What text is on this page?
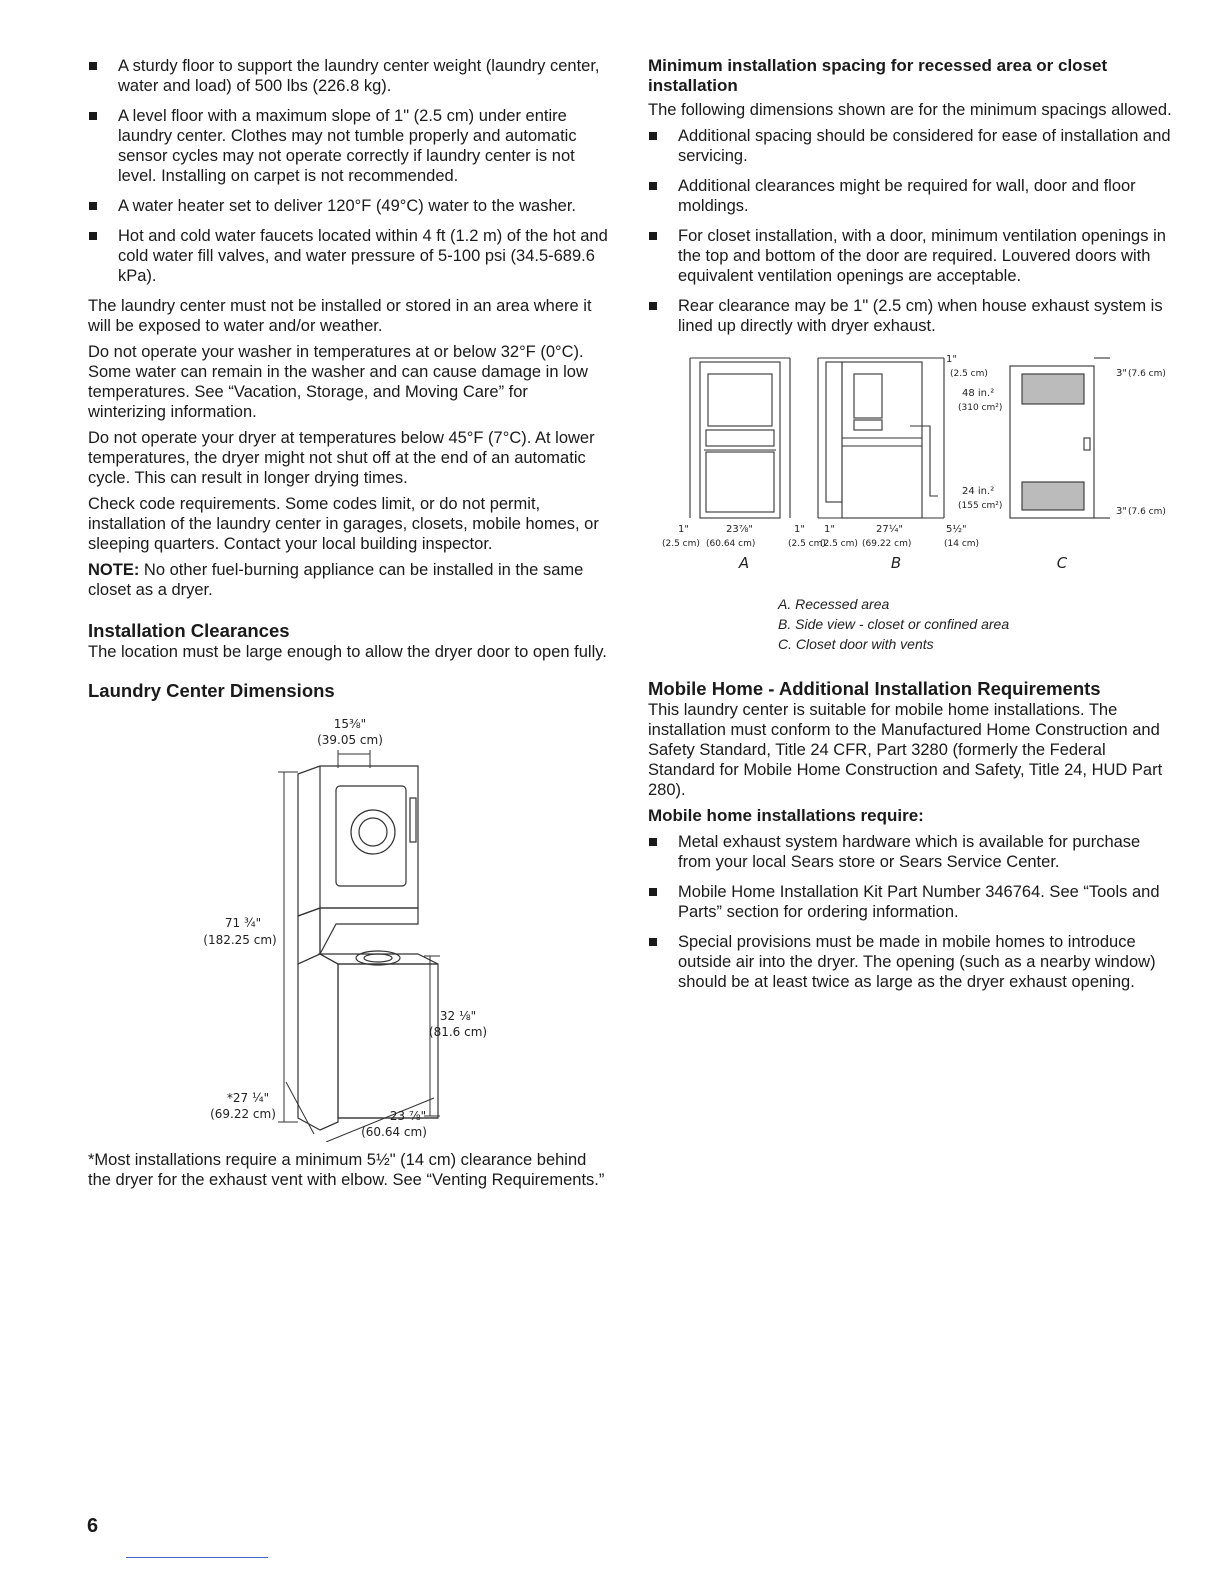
A sturdy floor to support the laundry center weight (laundry center, water and load) of 500 lbs (226.8 kg).
A level floor with a maximum slope of 1" (2.5 cm) under entire laundry center. Clothes may not tumble properly and automatic sensor cycles may not operate correctly if laundry center is not level. Installing on carpet is not recommended.
A water heater set to deliver 120°F (49°C) water to the washer.
Hot and cold water faucets located within 4 ft (1.2 m) of the hot and cold water fill valves, and water pressure of 5-100 psi (34.5-689.6 kPa).

The laundry center must not be installed or stored in an area where it will be exposed to water and/or weather.

Do not operate your washer in temperatures at or below 32°F (0°C). Some water can remain in the washer and can cause damage in low temperatures. See “Vacation, Storage, and Moving Care” for winterizing information.

Do not operate your dryer at temperatures below 45°F (7°C). At lower temperatures, the dryer might not shut off at the end of an automatic cycle. This can result in longer drying times.

Check code requirements. Some codes limit, or do not permit, installation of the laundry center in garages, closets, mobile homes, or sleeping quarters. Contact your local building inspector.

NOTE: No other fuel-burning appliance can be installed in the same closet as a dryer.

Installation Clearances

The location must be large enough to allow the dryer door to open fully.

Laundry Center Dimensions
15⅜"
(39.05 cm)
71 ¾"
(182.25 cm)
32 ⅛"
(81.6 cm)
*27 ¼"
(69.22 cm)	23 ⅞"
(60.64 cm)

*Most installations require a minimum 5½" (14 cm) clearance behind the dryer for the exhaust vent with elbow. See “Venting Requirements.”

Minimum installation spacing for recessed area or closet installation

The following dimensions shown are for the minimum spacings allowed.

Additional spacing should be considered for ease of installation and servicing.
Additional clearances might be required for wall, door and floor moldings.
For closet installation, with a door, minimum ventilation openings in the top and bottom of the door are required. Louvered doors with equivalent ventilation openings are acceptable.
Rear clearance may be 1" (2.5 cm) when house exhaust system is lined up directly with dryer exhaust.
1"
(2.5 cm)
23⅞"
(60.64 cm)
1"
(2.5 cm)
A
1"
(2.5 cm)
27¼"
(69.22 cm)
5½"
(14 cm)
1"
(2.5 cm)
48 in.²
(310 cm²)
24 in.²
(155 cm²)
B
3" (7.6 cm)
3" (7.6 cm)
C
A. Recessed area
B. Side view - closet or confined area
C. Closet door with vents
Mobile Home - Additional Installation Requirements

This laundry center is suitable for mobile home installations. The installation must conform to the Manufactured Home Construction and Safety Standard, Title 24 CFR, Part 3280 (formerly the Federal Standard for Mobile Home Construction and Safety, Title 24, HUD Part 280).

Mobile home installations require:
Metal exhaust system hardware which is available for purchase from your local Sears store or Sears Service Center.
Mobile Home Installation Kit Part Number 346764. See “Tools and Parts” section for ordering information.
Special provisions must be made in mobile homes to introduce outside air into the dryer. The opening (such as a nearby window) should be at least twice as large as the dryer exhaust opening.
6
